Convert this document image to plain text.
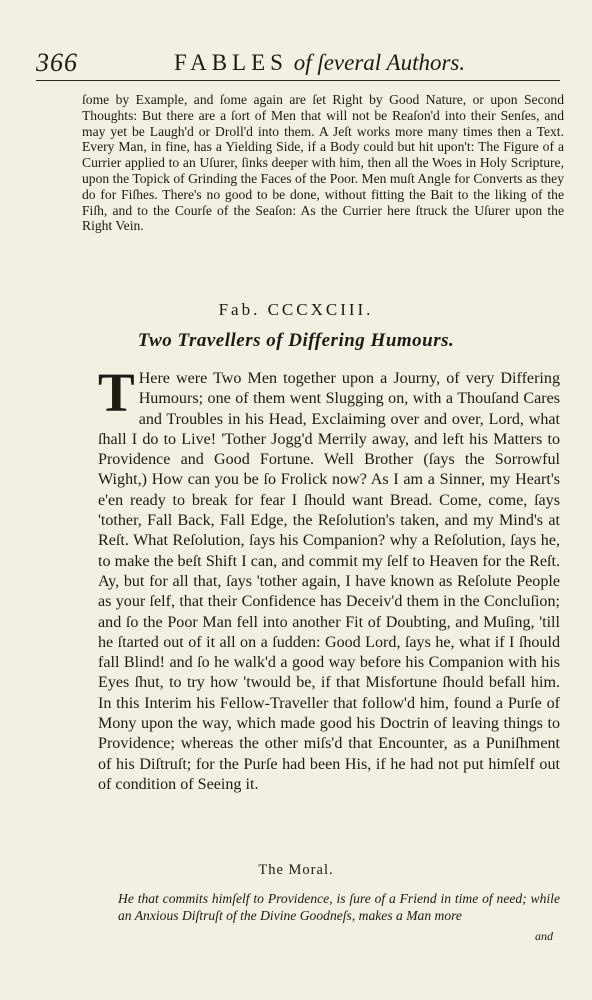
366	FABLES of ſeveral Authors.
ſome by Example, and ſome again are ſet Right by Good Nature, or upon Second Thoughts: But there are a ſort of Men that will not be Reaſon'd into their Senſes, and may yet be Laugh'd or Droll'd into them. A Jeſt works more many times then a Text. Every Man, in fine, has a Yielding Side, if a Body could but hit upon't: The Figure of a Currier applied to an Uſurer, ſinks deeper with him, then all the Woes in Holy Scripture, upon the Topick of Grinding the Faces of the Poor. Men muſt Angle for Converts as they do for Fiſhes. There's no good to be done, without fitting the Bait to the liking of the Fiſh, and to the Courſe of the Seaſon: As the Currier here ſtruck the Uſurer upon the Right Vein.
Fab. CCCXCIII.
Two Travellers of Differing Humours.
T Here were Two Men together upon a Journy, of very Differing Humours; one of them went Slugging on, with a Thouſand Cares and Troubles in his Head, Exclaiming over and over, Lord, what ſhall I do to Live! 'Tother Jogg'd Merrily away, and left his Matters to Providence and Good Fortune. Well Brother (ſays the Sorrowful Wight,) How can you be ſo Frolick now? As I am a Sinner, my Heart's e'en ready to break for fear I ſhould want Bread. Come, come, ſays 'tother, Fall Back, Fall Edge, the Reſolution's taken, and my Mind's at Reſt. What Reſolution, ſays his Companion? why a Reſolution, ſays he, to make the beſt Shift I can, and commit my ſelf to Heaven for the Reſt. Ay, but for all that, ſays 'tother again, I have known as Reſolute People as your ſelf, that their Confidence has Deceiv'd them in the Concluſion; and ſo the Poor Man fell into another Fit of Doubting, and Muſing, 'till he ſtarted out of it all on a ſudden: Good Lord, ſays he, what if I ſhould fall Blind! and ſo he walk'd a good way before his Companion with his Eyes ſhut, to try how 'twould be, if that Misfortune ſhould befall him. In this Interim his Fellow-Traveller that follow'd him, found a Purſe of Mony upon the way, which made good his Doctrin of leaving things to Providence; whereas the other miſs'd that Encounter, as a Puniſhment of his Diſtruſt; for the Purſe had been His, if he had not put himſelf out of condition of Seeing it.
The Moral.
He that commits himſelf to Providence, is ſure of a Friend in time of need; while an Anxious Diſtruſt of the Divine Goodneſs, makes a Man more
and
